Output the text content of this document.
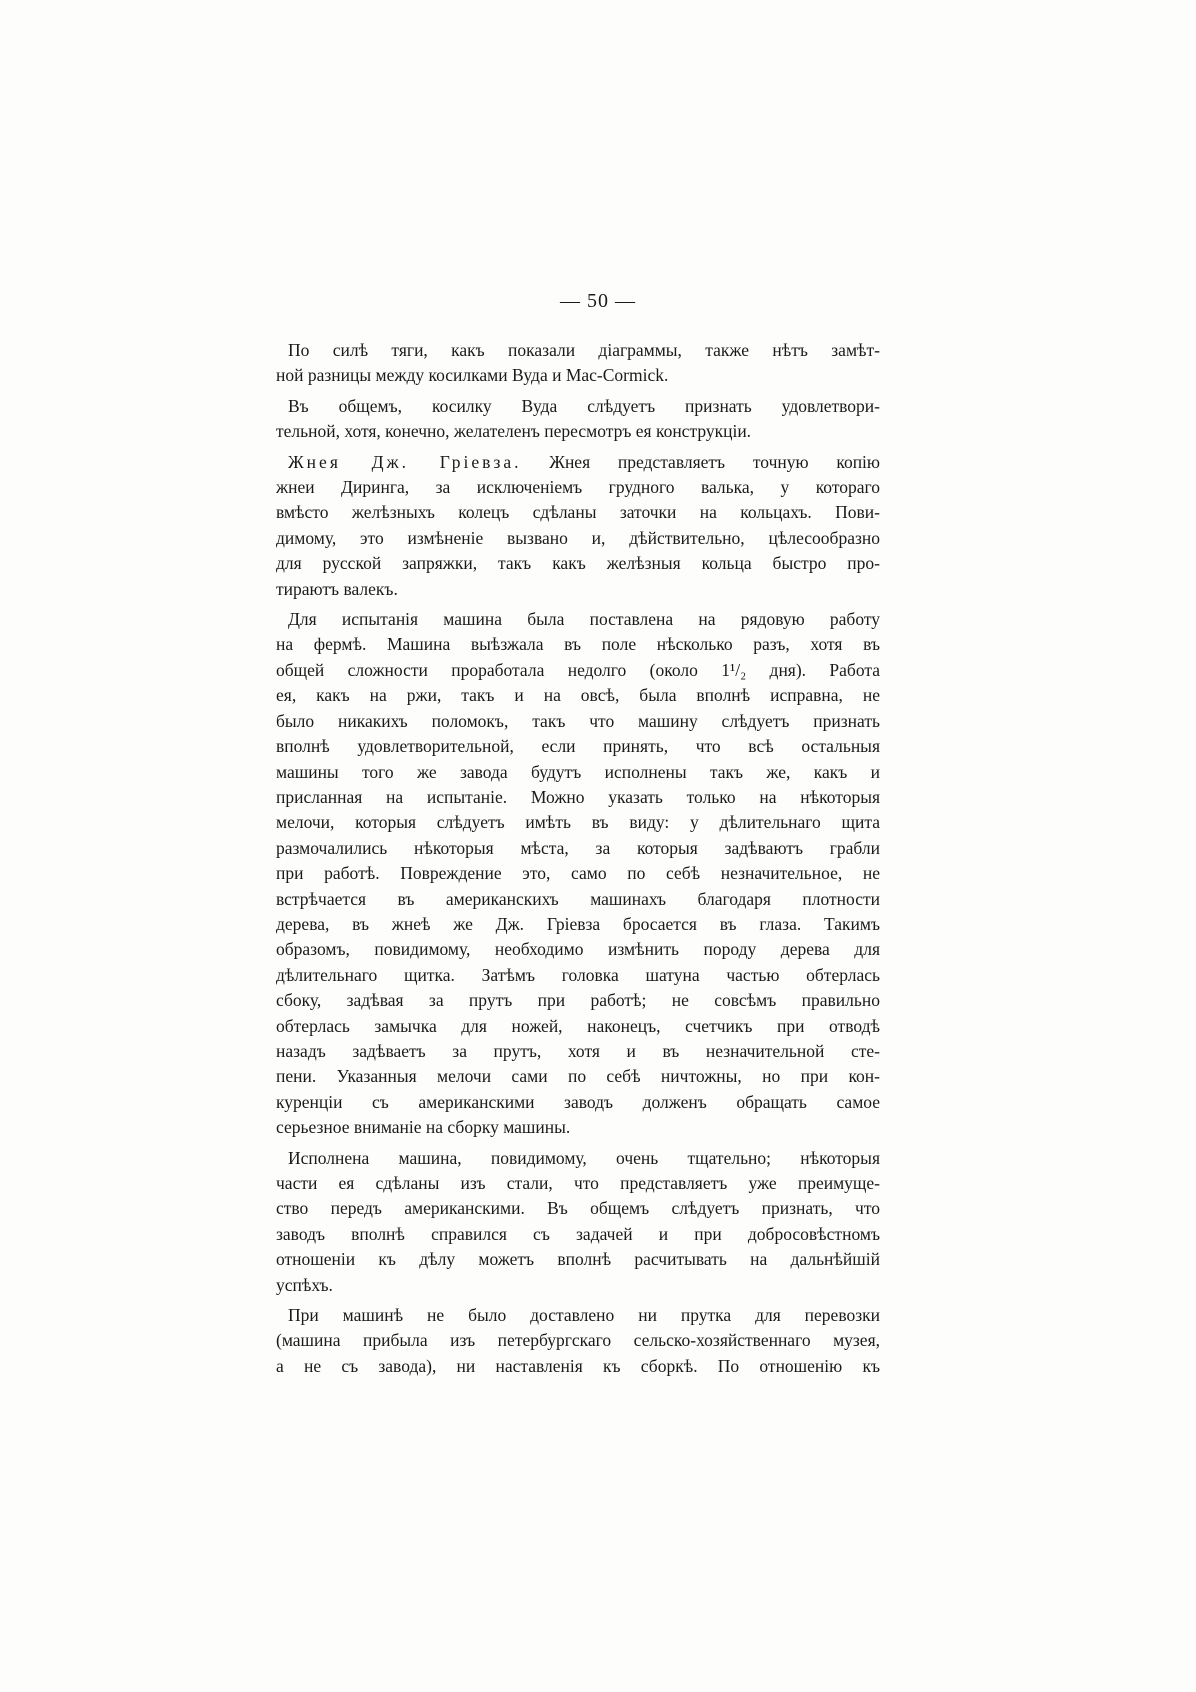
— 50 —
По силѣ тяги, какъ показали діаграммы, также нѣтъ замѣт-
ной разницы между косилками Вуда и Mac-Cormick.
Въ общемъ, косилку Вуда слѣдуетъ признать удовлетвори-
тельной, хотя, конечно, желателенъ пересмотръ ея конструкціи.
Жнея Дж. Гріевза. Жнея представляетъ точную копію
жнеи Диринга, за исключеніемъ грудного валька, у котораго
вмѣсто желѣзныхъ колецъ сдѣланы заточки на кольцахъ. Пови-
димому, это измѣненіе вызвано и, дѣйствительно, цѣлесообразно
для русской запряжки, такъ какъ желѣзныя кольца быстро про-
тираютъ валекъ.
Для испытанія машина была поставлена на рядовую работу
на фермѣ. Машина выѣзжала въ поле нѣсколько разъ, хотя въ
общей сложности проработала недолго (около 1¹/₂ дня). Работа
ея, какъ на ржи, такъ и на овсѣ, была вполнѣ исправна, не
было никакихъ поломокъ, такъ что машину слѣдуетъ признать
вполнѣ удовлетворительной, если принять, что всѣ остальныя
машины того же завода будутъ исполнены такъ же, какъ и
присланная на испытаніе. Можно указать только на нѣкоторыя
мелочи, которыя слѣдуетъ имѣть въ виду: у дѣлительнаго щита
размочалились нѣкоторыя мѣста, за которыя задѣваютъ грабли
при работѣ. Повреждение это, само по себѣ незначительное, не
встрѣчается въ американскихъ машинахъ благодаря плотности
дерева, въ жнеѣ же Дж. Гріевза бросается въ глаза. Такимъ
образомъ, повидимому, необходимо измѣнить породу дерева для
дѣлительнаго щитка. Затѣмъ головка шатуна частью обтерлась
сбоку, задѣвая за прутъ при работѣ; не совсѣмъ правильно
обтерлась замычка для ножей, наконецъ, счетчикъ при отводѣ
назадъ задѣваетъ за прутъ, хотя и въ незначительной сте-
пени. Указанныя мелочи сами по себѣ ничтожны, но при кон-
куренціи съ американскими заводъ долженъ обращать самое
серьезное вниманіе на сборку машины.
Исполнена машина, повидимому, очень тщательно; нѣкоторыя
части ея сдѣланы изъ стали, что представляетъ уже преимуще-
ство передъ американскими. Въ общемъ слѣдуетъ признать, что
заводъ вполнѣ справился съ задачей и при добросовѣстномъ
отношеніи къ дѣлу можетъ вполнѣ расчитывать на дальнѣйшій
успѣхъ.
При машинѣ не было доставлено ни прутка для перевозки
(машина прибыла изъ петербургскаго сельско-хозяйственнаго музея,
а не съ завода), ни наставленія къ сборкѣ. По отношенію къ
